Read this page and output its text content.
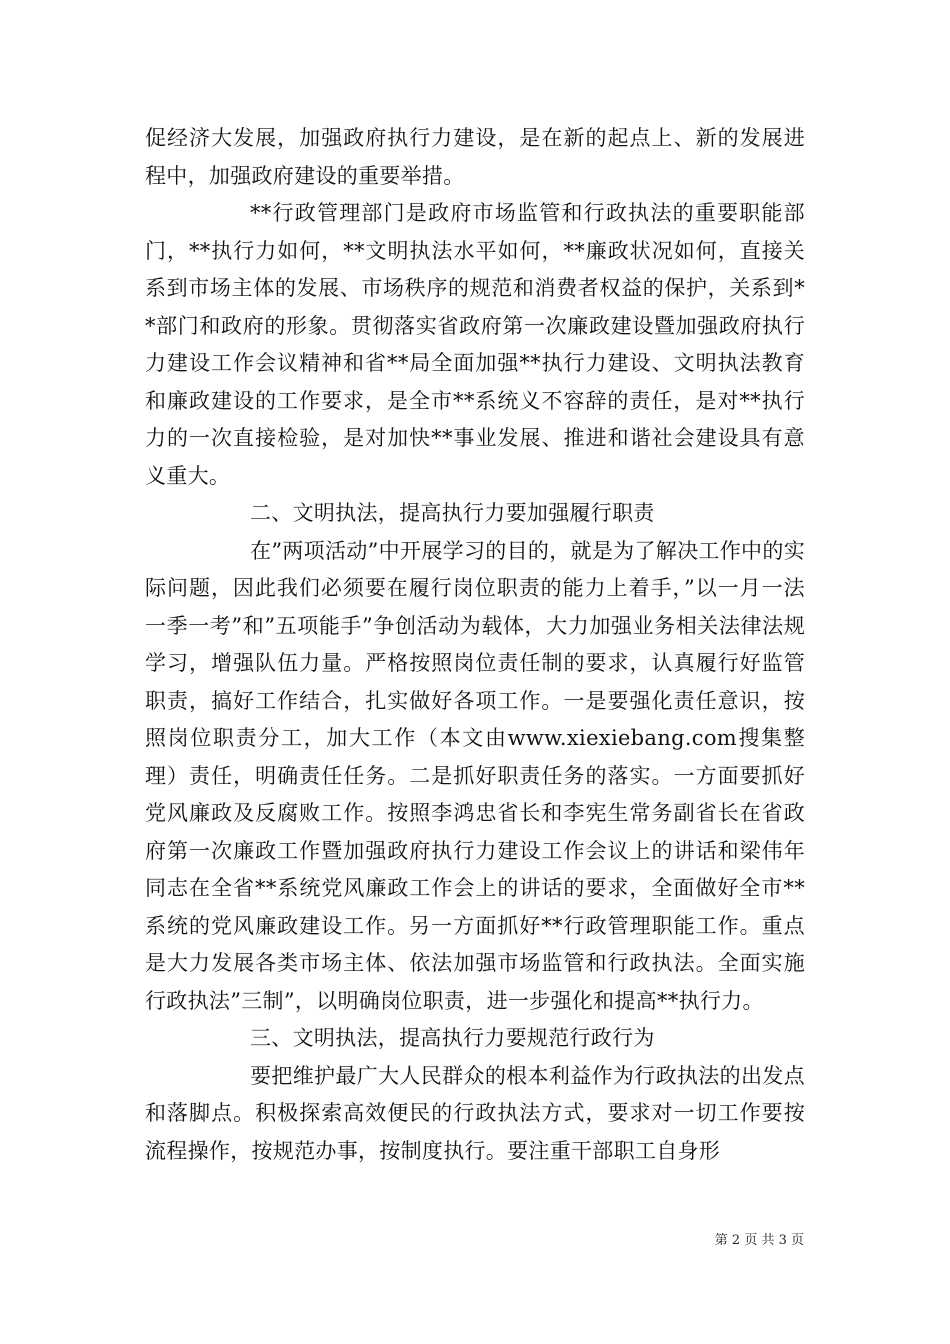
促经济大发展，加强政府执行力建设，是在新的起点上、新的发展进程中，加强政府建设的重要举措。

**行政管理部门是政府市场监管和行政执法的重要职能部门，**执行力如何，**文明执法水平如何，**廉政状况如何，直接关系到市场主体的发展、市场秩序的规范和消费者权益的保护，关系到**部门和政府的形象。贯彻落实省政府第一次廉政建设暨加强政府执行力建设工作会议精神和省**局全面加强**执行力建设、文明执法教育和廉政建设的工作要求，是全市**系统义不容辞的责任，是对**执行力的一次直接检验，是对加快**事业发展、推进和谐社会建设具有意义重大。

二、文明执法，提高执行力要加强履行职责

在”两项活动”中开展学习的目的，就是为了解决工作中的实际问题，因此我们必须要在履行岗位职责的能力上着手，”以一月一法一季一考”和”五项能手”争创活动为载体，大力加强业务相关法律法规学习，增强队伍力量。严格按照岗位责任制的要求，认真履行好监管职责，搞好工作结合，扎实做好各项工作。一是要强化责任意识，按照岗位职责分工，加大工作（本文由www.xiexiebang.com搜集整理）责任，明确责任任务。二是抓好职责任务的落实。一方面要抓好党风廉政及反腐败工作。按照李鸿忠省长和李宪生常务副省长在省政府第一次廉政工作暨加强政府执行力建设工作会议上的讲话和梁伟年同志在全省**系统党风廉政工作会上的讲话的要求，全面做好全市**系统的党风廉政建设工作。另一方面抓好**行政管理职能工作。重点是大力发展各类市场主体、依法加强市场监管和行政执法。全面实施行政执法”三制”，以明确岗位职责，进一步强化和提高**执行力。

三、文明执法，提高执行力要规范行政行为

要把维护最广大人民群众的根本利益作为行政执法的出发点和落脚点。积极探索高效便民的行政执法方式，要求对一切工作要按流程操作，按规范办事，按制度执行。要注重干部职工自身形

第 2 页 共 3 页
